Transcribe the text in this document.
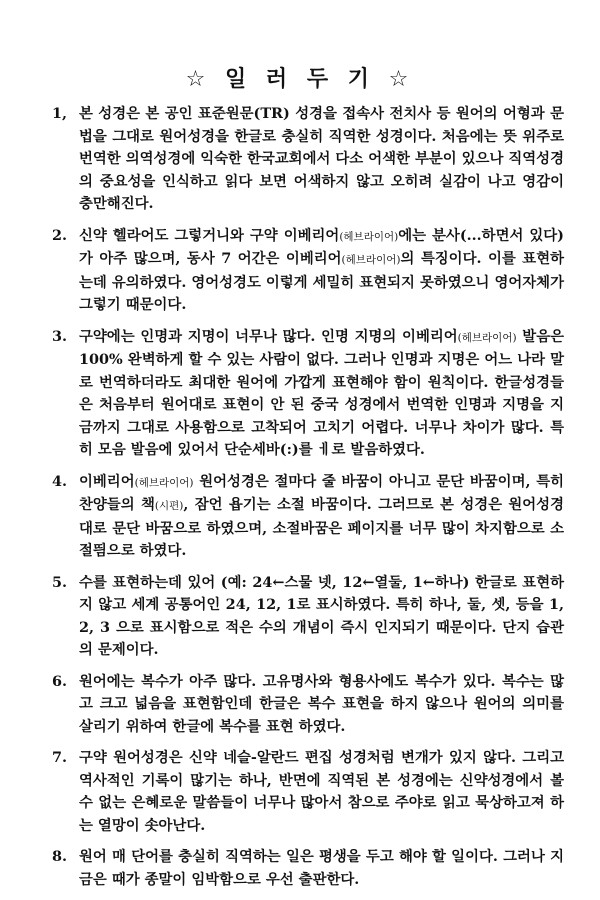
☆ 일 러 두 기 ☆
1, 본 성경은 본 공인 표준원문(TR) 성경을 접속사 전치사 등 원어의 어형과 문법을 그대로 원어성경을 한글로 충실히 직역한 성경이다. 처음에는 뜻 위주로 번역한 의역성경에 익숙한 한국교회에서 다소 어색한 부분이 있으나 직역성경의 중요성을 인식하고 읽다 보면 어색하지 않고 오히려 실감이 나고 영감이 충만해진다.
2. 신약 헬라어도 그렇거니와 구약 이베리어(헤브라이어)에는 분사(...하면서 있다)가 아주 많으며, 동사 7 어간은 이베리어(헤브라이어)의 특징이다. 이를 표현하는데 유의하였다. 영어성경도 이렇게 세밀히 표현되지 못하였으니 영어자체가 그렇기 때문이다.
3. 구약에는 인명과 지명이 너무나 많다. 인명 지명의 이베리어(헤브라이어) 발음은 100% 완벽하게 할 수 있는 사람이 없다. 그러나 인명과 지명은 어느 나라 말로 번역하더라도 최대한 원어에 가깝게 표현해야 함이 원칙이다. 한글성경들은 처음부터 원어대로 표현이 안 된 중국 성경에서 번역한 인명과 지명을 지금까지 그대로 사용함으로 고착되어 고치기 어렵다. 너무나 차이가 많다. 특히 모음 발음에 있어서 단순세바(:)를 ㅔ로 발음하였다.
4. 이베리어(헤브라이어) 원어성경은 절마다 줄 바꿈이 아니고 문단 바꿈이며, 특히 찬양들의 책(시편), 잠언 욥기는 소절 바꿈이다. 그러므로 본 성경은 원어성경대로 문단 바꿈으로 하였으며, 소절바꿈은 페이지를 너무 많이 차지함으로 소절띔으로 하였다.
5. 수를 표현하는데 있어 (예: 24←스물 넷, 12←열둘, 1←하나) 한글로 표현하지 않고 세계 공통어인 24, 12, 1로 표시하였다. 특히 하나, 둘, 셋, 등을 1, 2, 3 으로 표시함으로 적은 수의 개념이 즉시 인지되기 때문이다. 단지 습관의 문제이다.
6. 원어에는 복수가 아주 많다. 고유명사와 형용사에도 복수가 있다. 복수는 많고 크고 넓음을 표현함인데 한글은 복수 표현을 하지 않으나 원어의 의미를 살리기 위하여 한글에 복수를 표현 하였다.
7. 구약 원어성경은 신약 네슬-알란드 편집 성경처럼 변개가 있지 않다. 그리고 역사적인 기록이 많기는 하나, 반면에 직역된 본 성경에는 신약성경에서 볼 수 없는 은혜로운 말씀들이 너무나 많아서 참으로 주야로 읽고 묵상하고져 하는 열망이 솟아난다.
8. 원어 매 단어를 충실히 직역하는 일은 평생을 두고 해야 할 일이다. 그러나 지금은 때가 종말이 임박함으로 우선 출판한다.
